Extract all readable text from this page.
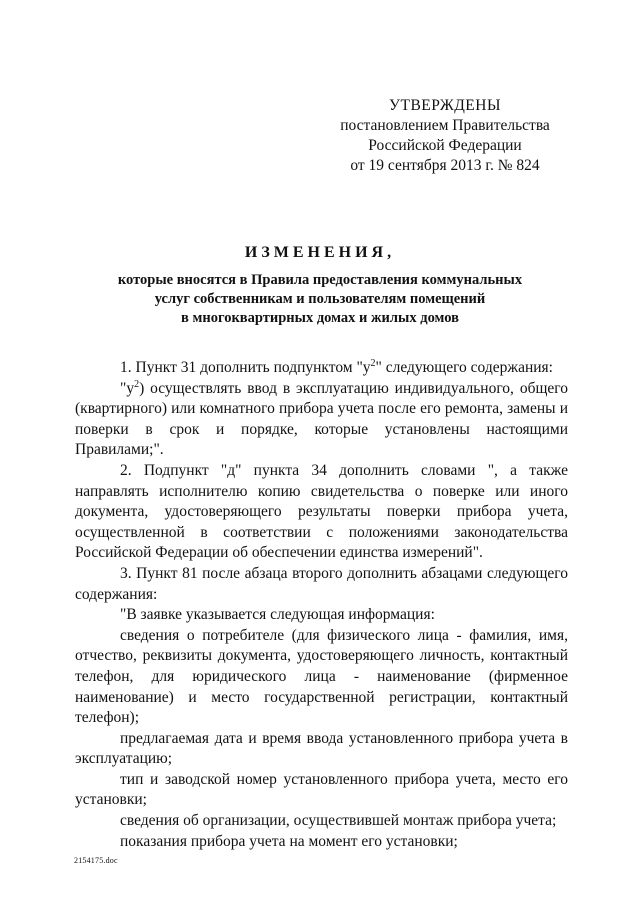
УТВЕРЖДЕНЫ
постановлением Правительства
Российской Федерации
от 19 сентября 2013 г. № 824
ИЗМЕНЕНИЯ,
которые вносятся в Правила предоставления коммунальных
услуг собственникам и пользователям помещений
в многоквартирных домах и жилых домов

1. Пункт 31 дополнить подпунктом "$у^2$" следующего содержания:

"$у^2$) осуществлять ввод в эксплуатацию индивидуального, общего (квартирного) или комнатного прибора учета после его ремонта, замены и поверки в срок и порядке, которые установлены настоящими Правилами;".

2. Подпункт "д" пункта 34 дополнить словами ", а также направлять исполнителю копию свидетельства о поверке или иного документа, удостоверяющего результаты поверки прибора учета, осуществленной в соответствии с положениями законодательства Российской Федерации об обеспечении единства измерений".

3. Пункт 81 после абзаца второго дополнить абзацами следующего содержания:

"В заявке указывается следующая информация:

сведения о потребителе (для физического лица - фамилия, имя, отчество, реквизиты документа, удостоверяющего личность, контактный телефон, для юридического лица - наименование (фирменное наименование) и место государственной регистрации, контактный телефон);

предлагаемая дата и время ввода установленного прибора учета в эксплуатацию;

тип и заводской номер установленного прибора учета, место его установки;

сведения об организации, осуществившей монтаж прибора учета;

показания прибора учета на момент его установки;

2154175.doc
